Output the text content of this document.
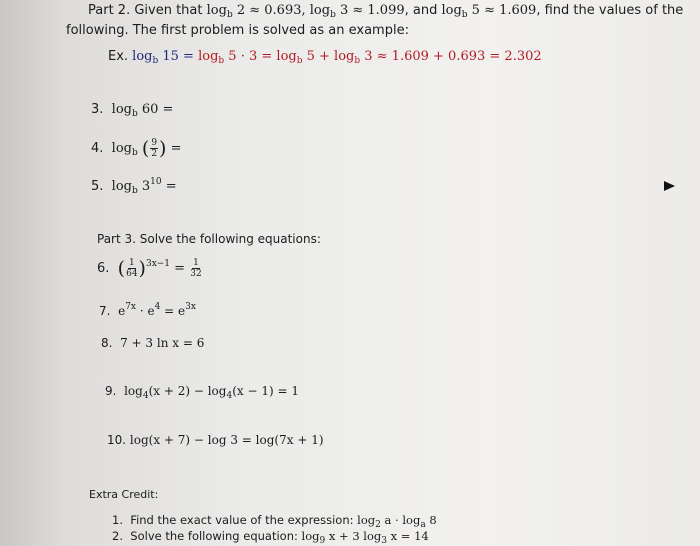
Part 2. Given that $\log_b 2 \approx 0.693$, $\log_b 3 \approx 1.099$, and $\log_b 5 \approx 1.609$, find the values of the
following. The first problem is solved as an example:
Ex. $\log_b 15 = \log_b 5 \cdot 3 = \log_b 5 + \log_b 3 \approx 1.609 + 0.693 = 2.302$
3. $\log_b 60$ =
4. $\log_b$ ( $\frac{9}{2}$ ) =
5. $\log_b 3^{10}$ =
Part 3. Solve the following equations:
6. ( $\frac{1}{64} )^{3x-1} = \frac{1}{32}$
7. $e^{7x} \cdot e^4 = e^{3x}$
8. 7 + 3 ln x = 6
9. $\log_4(x + 2) - \log_4(x - 1) = 1$
10. log(x + 7) − log 3 = log(7x + 1)
Extra Credit:
1. Find the exact value of the expression: $\log_2 a \cdot \log_a 8$
2. Solve the following equation: $\log_9 x + 3$ $\log_3 x = 14$
